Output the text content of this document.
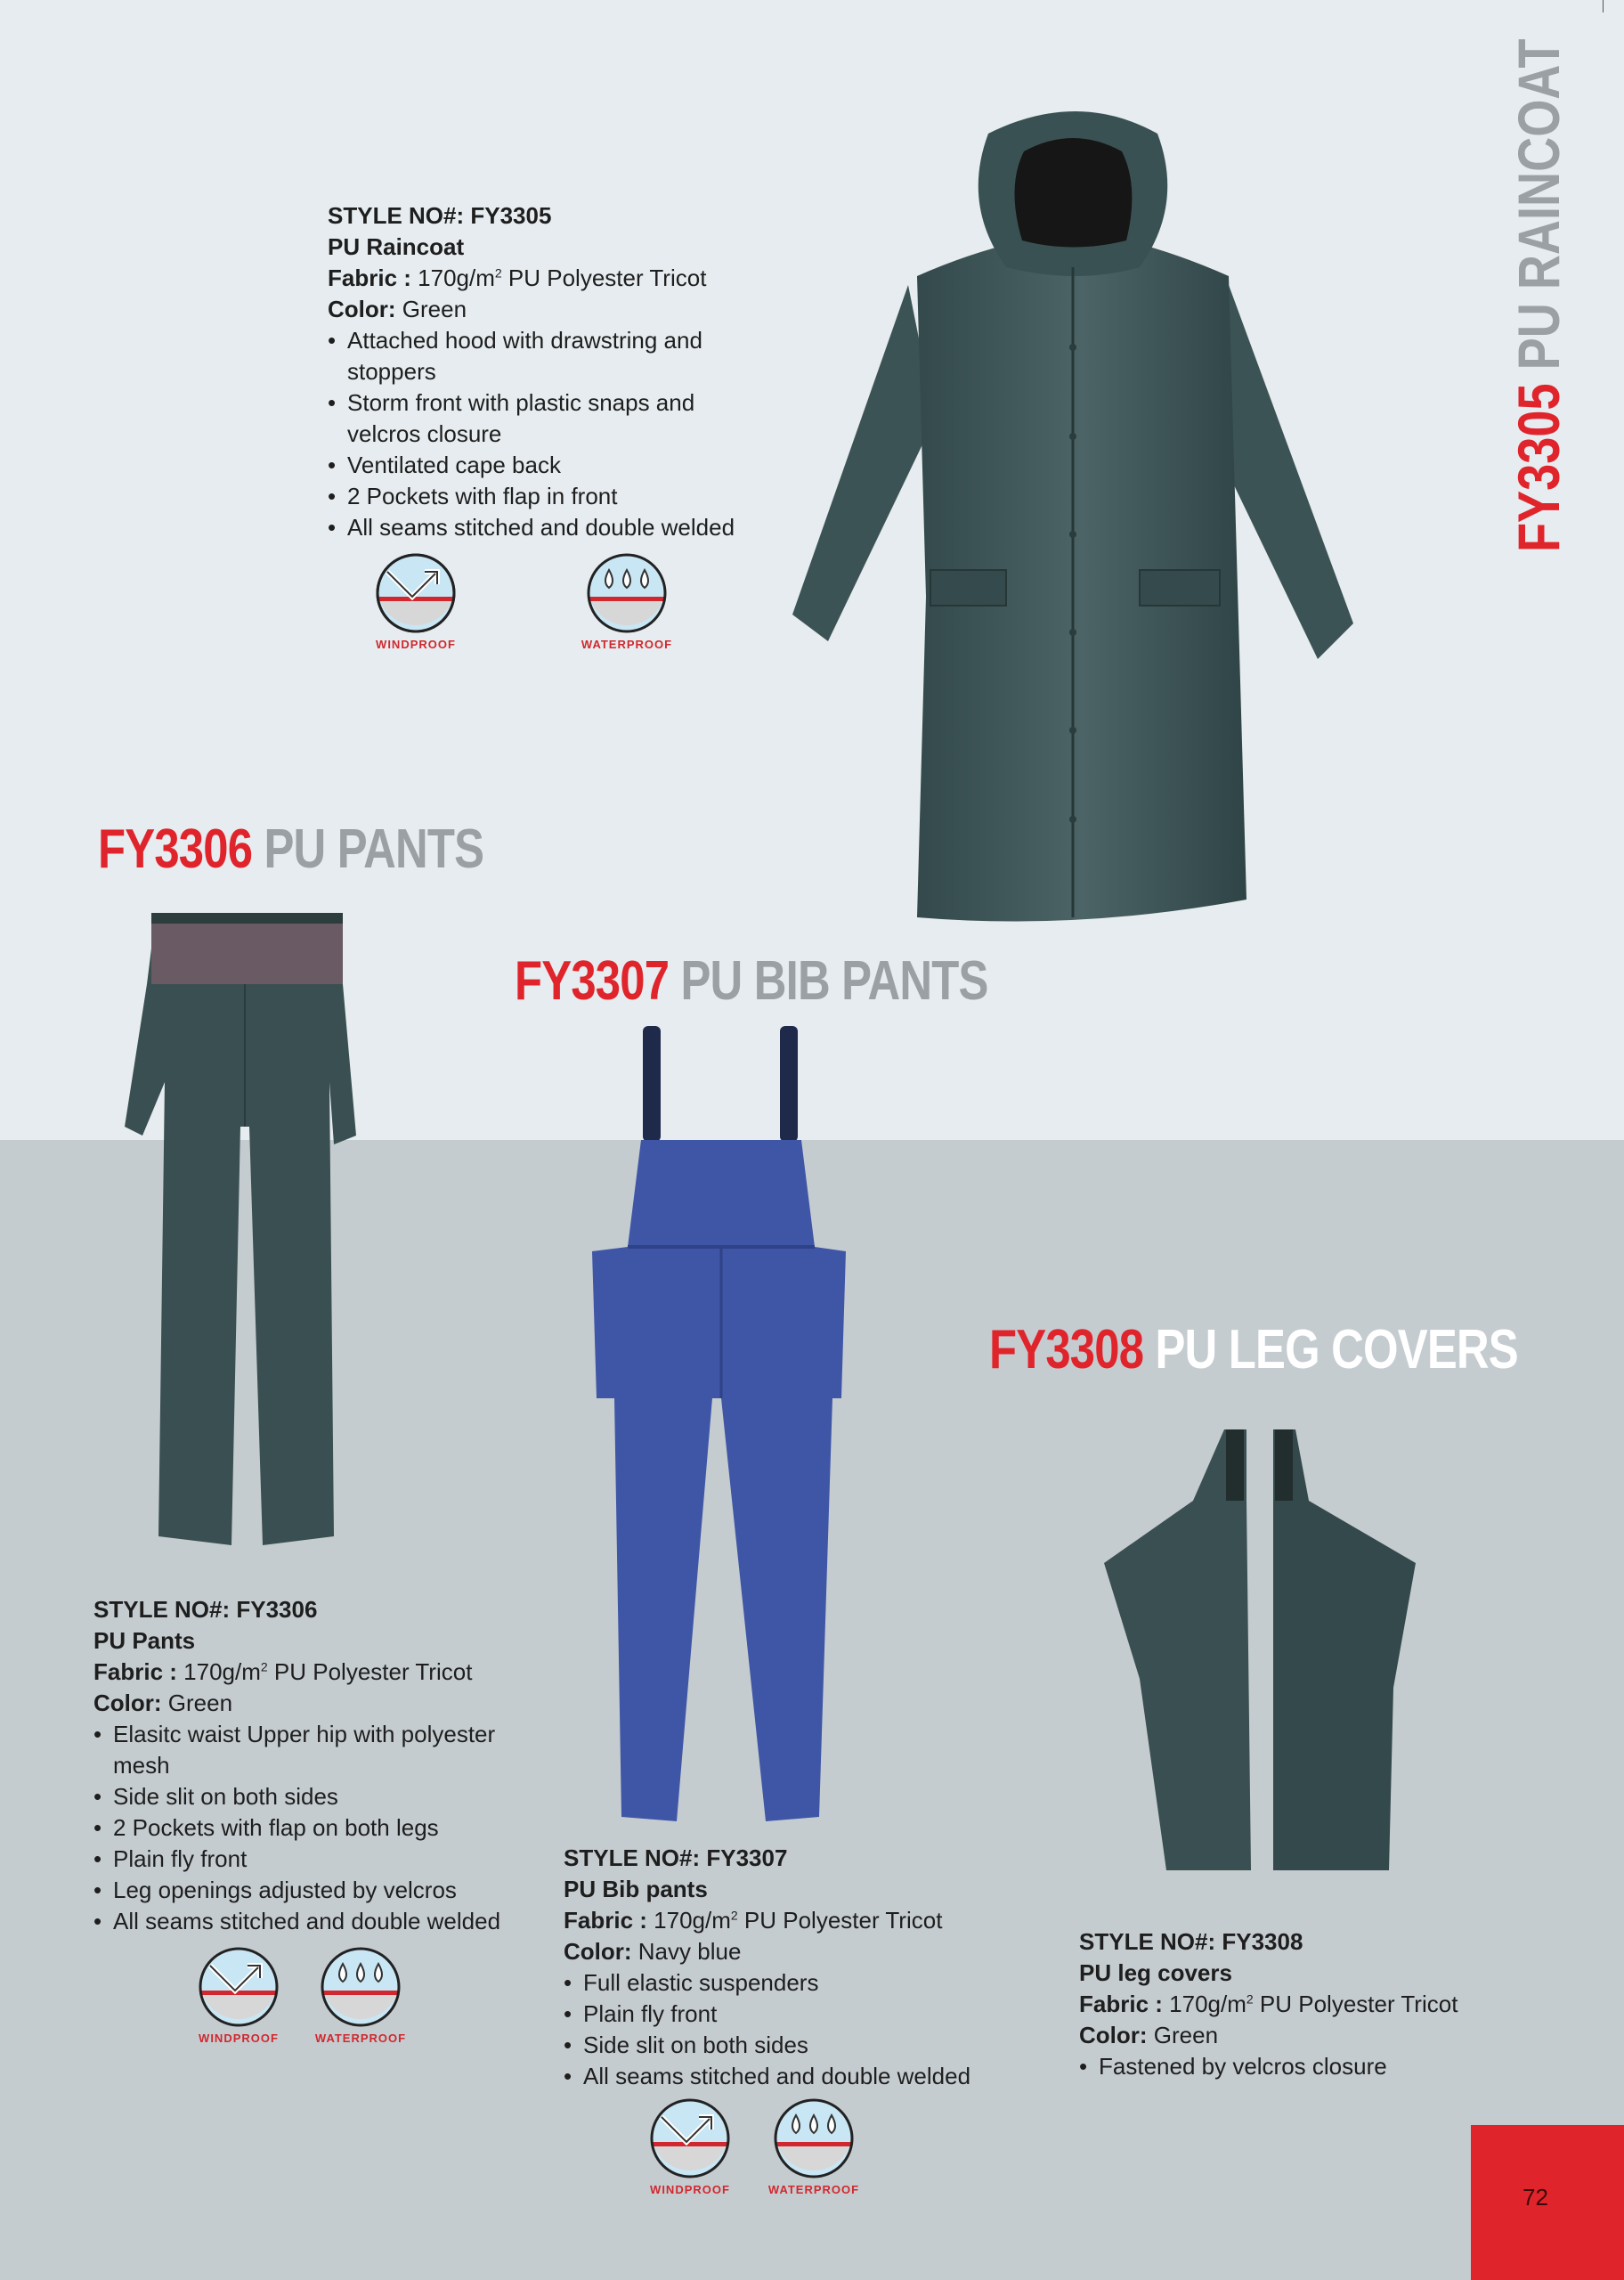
FY3305 PU RAINCOAT
STYLE NO#: FY3305
PU Raincoat
Fabric : $170g/m^2$ PU Polyester Tricot
Color: Green
• Attached hood with drawstring and stoppers
• Storm front with plastic snaps and velcros closure
• Ventilated cape back
• 2 Pockets with flap in front
• All seams stitched and double welded
WINDPROOF	WATERPROOF
FY3306 PU PANTS
STYLE NO#: FY3306
PU Pants
Fabric : $170g/m^2$ PU Polyester Tricot
Color: Green
• Elasitc waist Upper hip with polyester mesh
• Side slit on both sides
• 2 Pockets with flap on both legs
• Plain fly front
• Leg openings adjusted by velcros
• All seams stitched and double welded
WINDPROOF	WATERPROOF
FY3307 PU BIB PANTS
STYLE NO#: FY3307
PU Bib pants
Fabric : $170g/m^2$ PU Polyester Tricot
Color: Navy blue
• Full elastic suspenders
• Plain fly front
• Side slit on both sides
• All seams stitched and double welded
WINDPROOF	WATERPROOF
FY3308 PU LEG COVERS
STYLE NO#: FY3308
PU leg covers
Fabric : $170g/m^2$ PU Polyester Tricot
Color: Green
• Fastened by velcros closure
72
